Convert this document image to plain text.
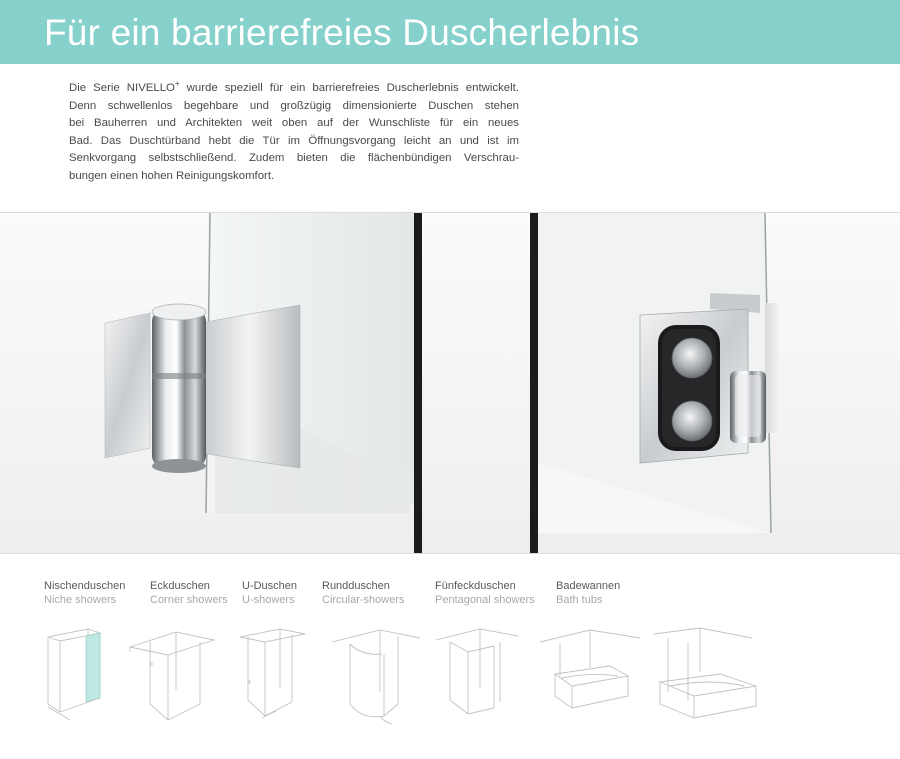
Für ein barrierefreies Duscherlebnis
Die Serie NIVELLO+ wurde speziell für ein barrierefreies Duscherlebnis entwickelt.
Denn schwellenlos begehbare und großzügig dimensionierte Duschen stehen
bei Bauherren und Architekten weit oben auf der Wunschliste für ein neues
Bad. Das Duschtürband hebt die Tür im Öffnungsvorgang leicht an und ist im
Senkvorgang selbstschließend. Zudem bieten die flächenbündigen Verschrau-
bungen einen hohen Reinigungskomfort.
Nischenduschen
Niche showers
Eckduschen
Corner showers
U-Duschen
U-showers
Rundduschen
Circular-showers
Fünfeckduschen
Pentagonal showers
Badewannen
Bath tubs
